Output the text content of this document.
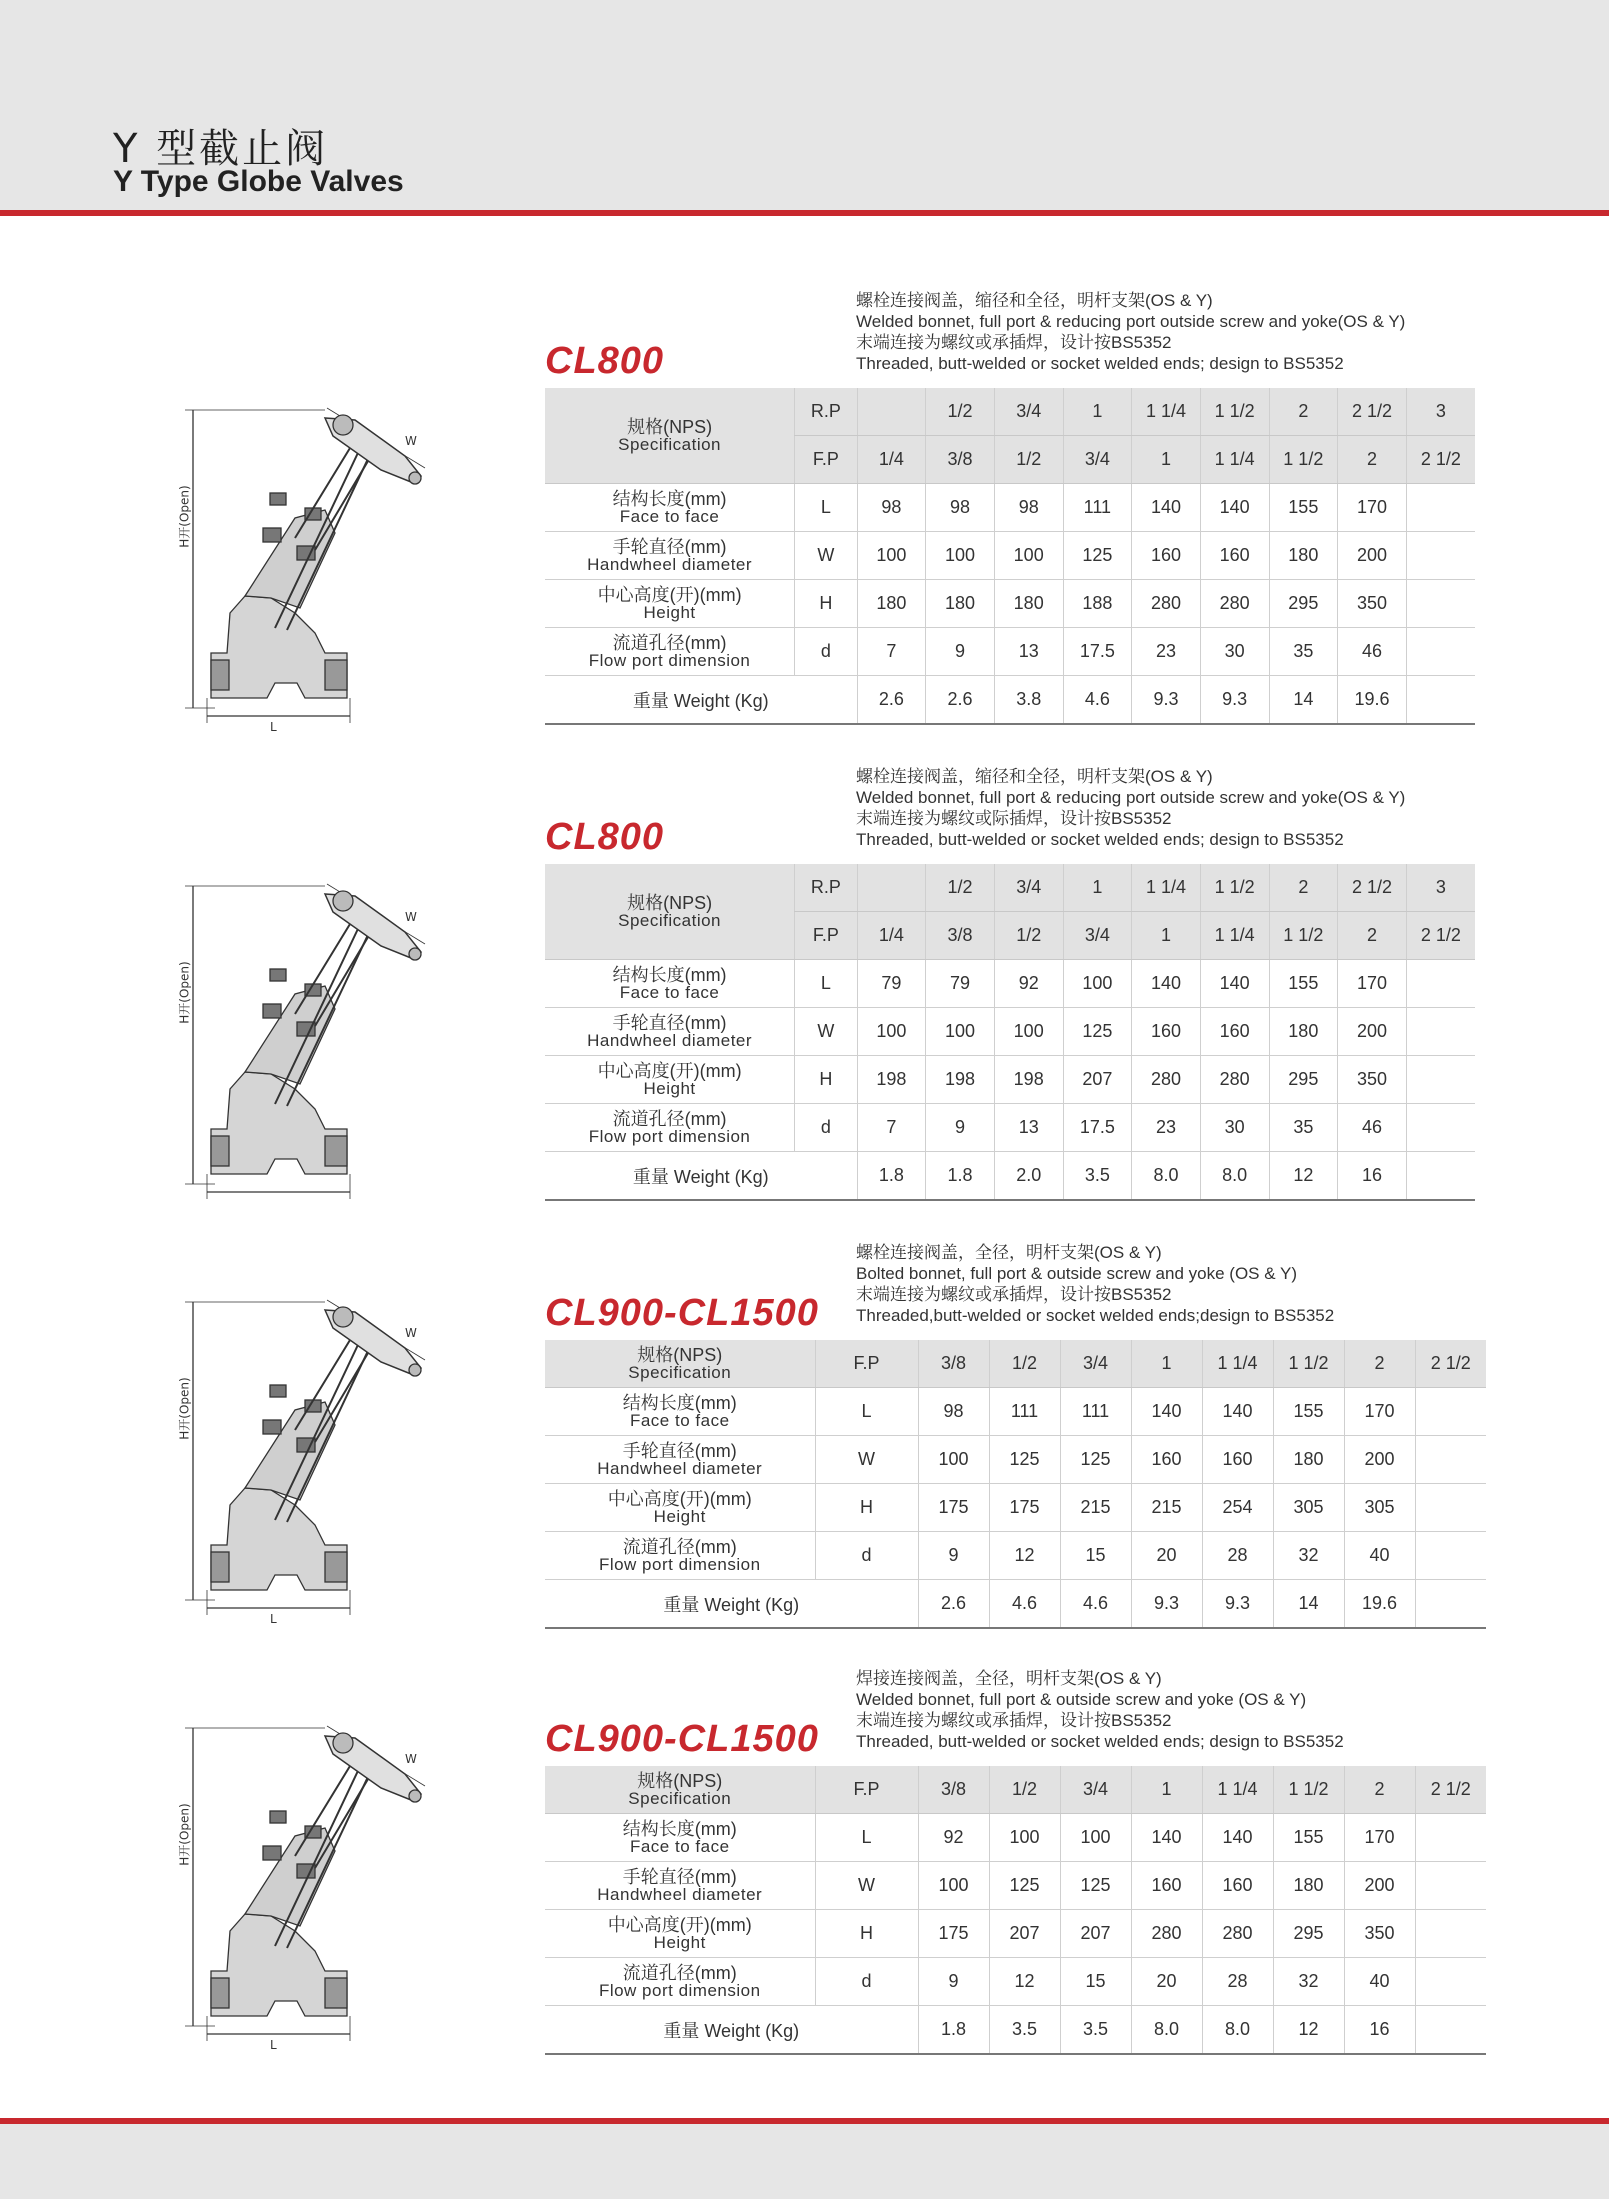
Y 型截止阀
Y Type Globe Valves
H开(Open)
L
W
CL800
螺栓连接阀盖，缩径和全径，明杆支架(OS & Y)
Welded bonnet, full port & reducing port outside screw and yoke(OS & Y)
末端连接为螺纹或承插焊，设计按BS5352
Threaded, butt-welded or socket welded ends; design to BS5352
规格(NPS)
Specification	R.P		1/2	3/4	1	1 1/4	1 1/2	2	2 1/2	3
	F.P	1/4	3/8	1/2	3/4	1	1 1/4	1 1/2	2	2 1/2

结构长度(mm)
Face to face	L	98	98	98	111	140	140	155	170	

手轮直径(mm)
Handwheel diameter	W	100	100	100	125	160	160	180	200	

中心高度(开)(mm)
Height	H	180	180	180	188	280	280	295	350	

流道孔径(mm)
Flow port dimension	d	7	9	13	17.5	23	30	35	46	
重量 Weight (Kg)		2.6	2.6	3.8	4.6	9.3	9.3	14	19.6	
H开(Open)
W
CL800
螺栓连接阀盖，缩径和全径，明杆支架(OS & Y)
Welded bonnet, full port & reducing port outside screw and yoke(OS & Y)
末端连接为螺纹或际插焊，设计按BS5352
Threaded, butt-welded or socket welded ends; design to BS5352
规格(NPS)
Specification	R.P		1/2	3/4	1	1 1/4	1 1/2	2	2 1/2	3
	F.P	1/4	3/8	1/2	3/4	1	1 1/4	1 1/2	2	2 1/2

结构长度(mm)
Face to face	L	79	79	92	100	140	140	155	170	

手轮直径(mm)
Handwheel diameter	W	100	100	100	125	160	160	180	200	

中心高度(开)(mm)
Height	H	198	198	198	207	280	280	295	350	

流道孔径(mm)
Flow port dimension	d	7	9	13	17.5	23	30	35	46	
重量 Weight (Kg)		1.8	1.8	2.0	3.5	8.0	8.0	12	16	
H开(Open)
L
W	CL900-CL1500
螺栓连接阀盖，全径，明杆支架(OS & Y)
Bolted bonnet, full port & outside screw and yoke (OS & Y)
末端连接为螺纹或承插焊，设计按BS5352
Threaded,butt-welded or socket welded ends;design to BS5352
规格(NPS)
Specification	F.P	3/8	1/2	3/4	1	1 1/4	1 1/2	2	2 1/2

结构长度(mm)
Face to face	L	98	111	111	140	140	155	170	

手轮直径(mm)
Handwheel diameter	W	100	125	125	160	160	180	200	

中心高度(开)(mm)
Height	H	175	175	215	215	254	305	305	

流道孔径(mm)
Flow port dimension	d	9	12	15	20	28	32	40	
重量 Weight (Kg)		2.6	4.6	4.6	9.3	9.3	14	19.6	
H开(Open)
L
W	CL900-CL1500
焊接连接阀盖，全径，明杆支架(OS & Y)
Welded bonnet, full port & outside screw and yoke (OS & Y)
末端连接为螺纹或承插焊，设计按BS5352
Threaded, butt-welded or socket welded ends; design to BS5352
规格(NPS)
Specification	F.P	3/8	1/2	3/4	1	1 1/4	1 1/2	2	2 1/2

结构长度(mm)
Face to face	L	92	100	100	140	140	155	170	

手轮直径(mm)
Handwheel diameter	W	100	125	125	160	160	180	200	

中心高度(开)(mm)
Height	H	175	207	207	280	280	295	350	

流道孔径(mm)
Flow port dimension	d	9	12	15	20	28	32	40	
重量 Weight (Kg)		1.8	3.5	3.5	8.0	8.0	12	16	
